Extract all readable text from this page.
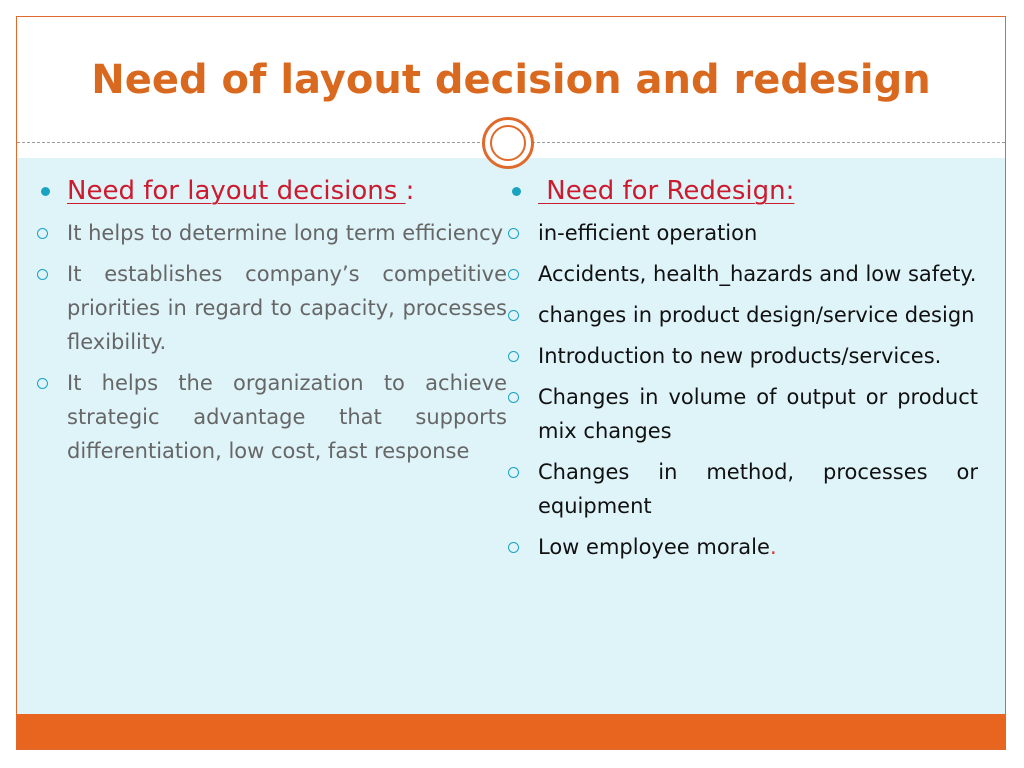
Need of layout decision and redesign
Need for layout decisions :
It helps to determine long term efficiency
It establishes company’s competitive priorities in regard to capacity, processes flexibility.
It helps the organization to achieve strategic advantage that supports differentiation, low cost, fast response
Need for Redesign:
in-efficient operation
Accidents, health_hazards and low safety.
changes in product design/service design
Introduction to new products/services.
Changes in volume of output or product mix changes
Changes in method, processes or equipment
Low employee morale.
